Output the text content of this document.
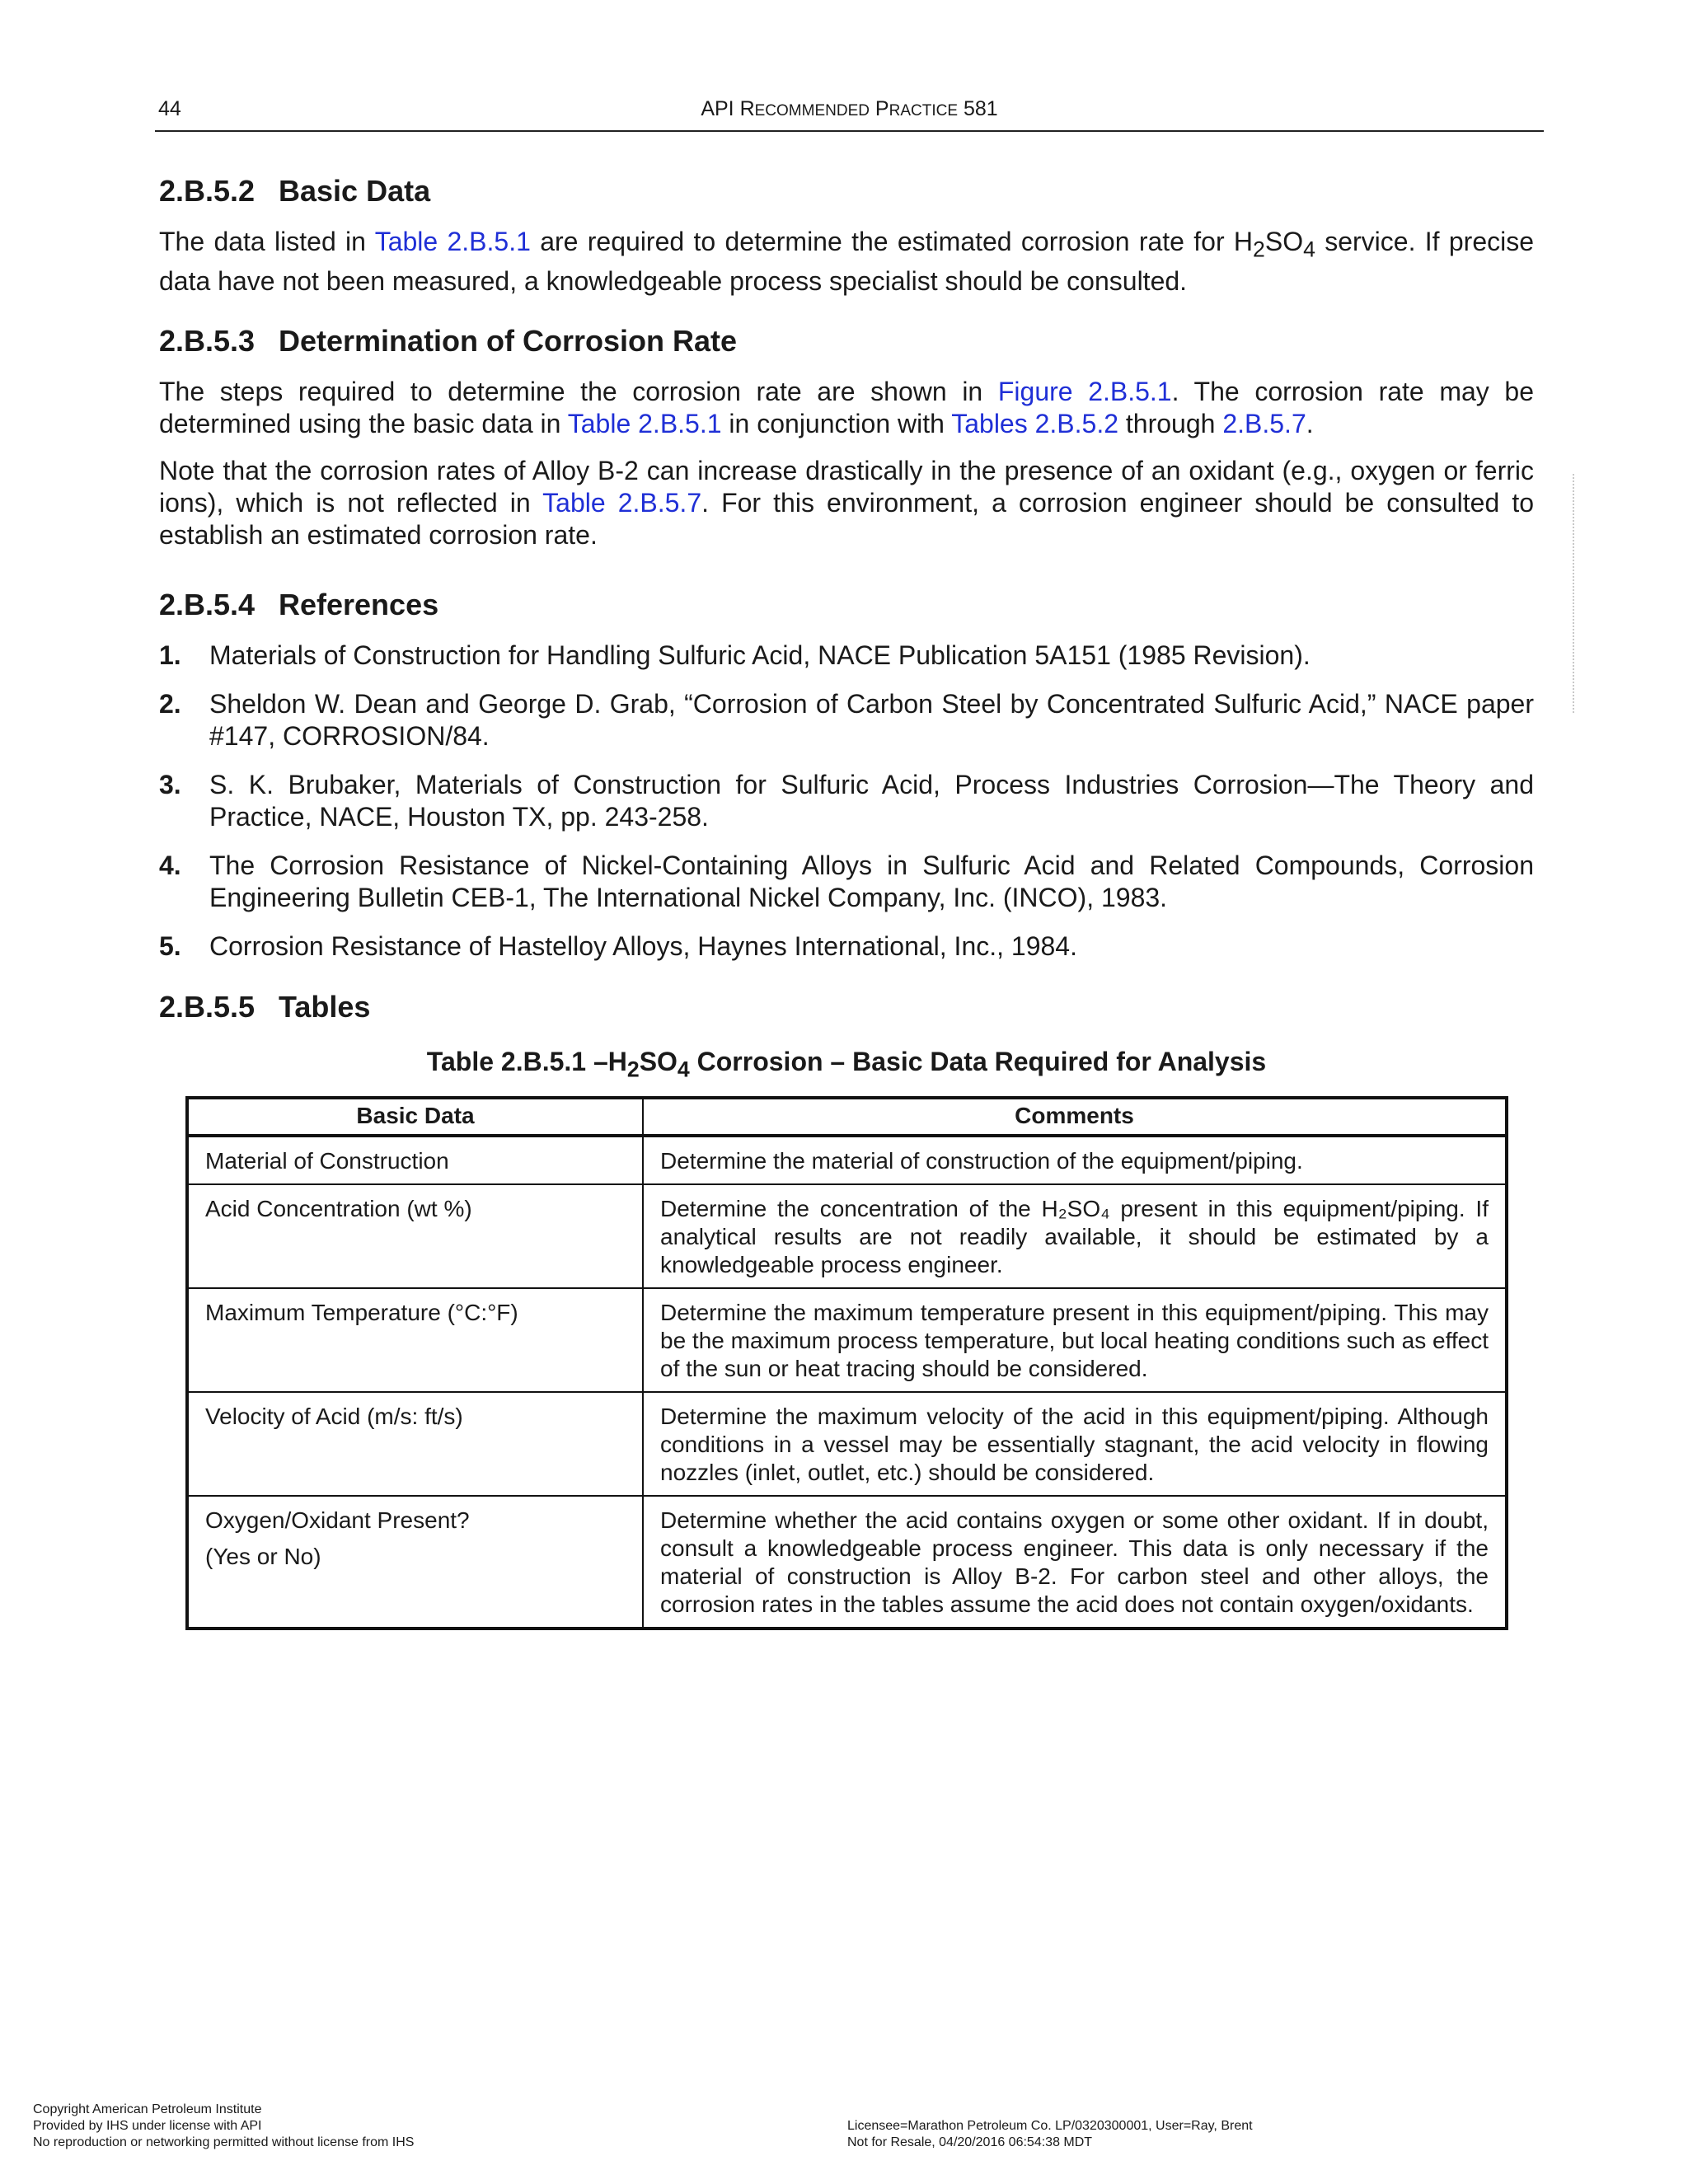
44	API RECOMMENDED PRACTICE 581
2.B.5.2 Basic Data

The data listed in Table 2.B.5.1 are required to determine the estimated corrosion rate for $H_2SO_4$ service. If precise data have not been measured, a knowledgeable process specialist should be consulted.

2.B.5.3 Determination of Corrosion Rate

The steps required to determine the corrosion rate are shown in Figure 2.B.5.1. The corrosion rate may be determined using the basic data in Table 2.B.5.1 in conjunction with Tables 2.B.5.2 through 2.B.5.7.

Note that the corrosion rates of Alloy B-2 can increase drastically in the presence of an oxidant (e.g., oxygen or ferric ions), which is not reflected in Table 2.B.5.7. For this environment, a corrosion engineer should be consulted to establish an estimated corrosion rate.

2.B.5.4 References
1. Materials of Construction for Handling Sulfuric Acid, NACE Publication 5A151 (1985 Revision).
2. Sheldon W. Dean and George D. Grab, “Corrosion of Carbon Steel by Concentrated Sulfuric Acid,” NACE paper #147, CORROSION/84.
3. S. K. Brubaker, Materials of Construction for Sulfuric Acid, Process Industries Corrosion—The Theory and Practice, NACE, Houston TX, pp. 243-258.
4. The Corrosion Resistance of Nickel-Containing Alloys in Sulfuric Acid and Related Compounds, Corrosion Engineering Bulletin CEB-1, The International Nickel Company, Inc. (INCO), 1983.
5. Corrosion Resistance of Hastelloy Alloys, Haynes International, Inc., 1984.
2.B.5.5 Tables
Table 2.B.5.1 $-H_2SO_4$ Corrosion – Basic Data Required for Analysis
Basic Data	Comments
Material of Construction	Determine the material of construction of the equipment/piping.
Acid Concentration (wt %)	Determine the concentration of the H₂SO₄ present in this equipment/piping. If analytical results are not readily available, it should be estimated by a knowledgeable process engineer.
Maximum Temperature (°C:°F)	Determine the maximum temperature present in this equipment/piping. This may be the maximum process temperature, but local heating conditions such as effect of the sun or heat tracing should be considered.
Velocity of Acid (m/s: ft/s)	Determine the maximum velocity of the acid in this equipment/piping. Although conditions in a vessel may be essentially stagnant, the acid velocity in flowing nozzles (inlet, outlet, etc.) should be considered.

Oxygen/Oxidant Present?
(Yes or No)	Determine whether the acid contains oxygen or some other oxidant. If in doubt, consult a knowledgeable process engineer. This data is only necessary if the material of construction is Alloy B-2. For carbon steel and other alloys, the corrosion rates in the tables assume the acid does not contain oxygen/oxidants.
Copyright American Petroleum Institute
Provided by IHS under license with API
No reproduction or networking permitted without license from IHS
Licensee=Marathon Petroleum Co. LP/0320300001, User=Ray, Brent
Not for Resale, 04/20/2016 06:54:38 MDT
